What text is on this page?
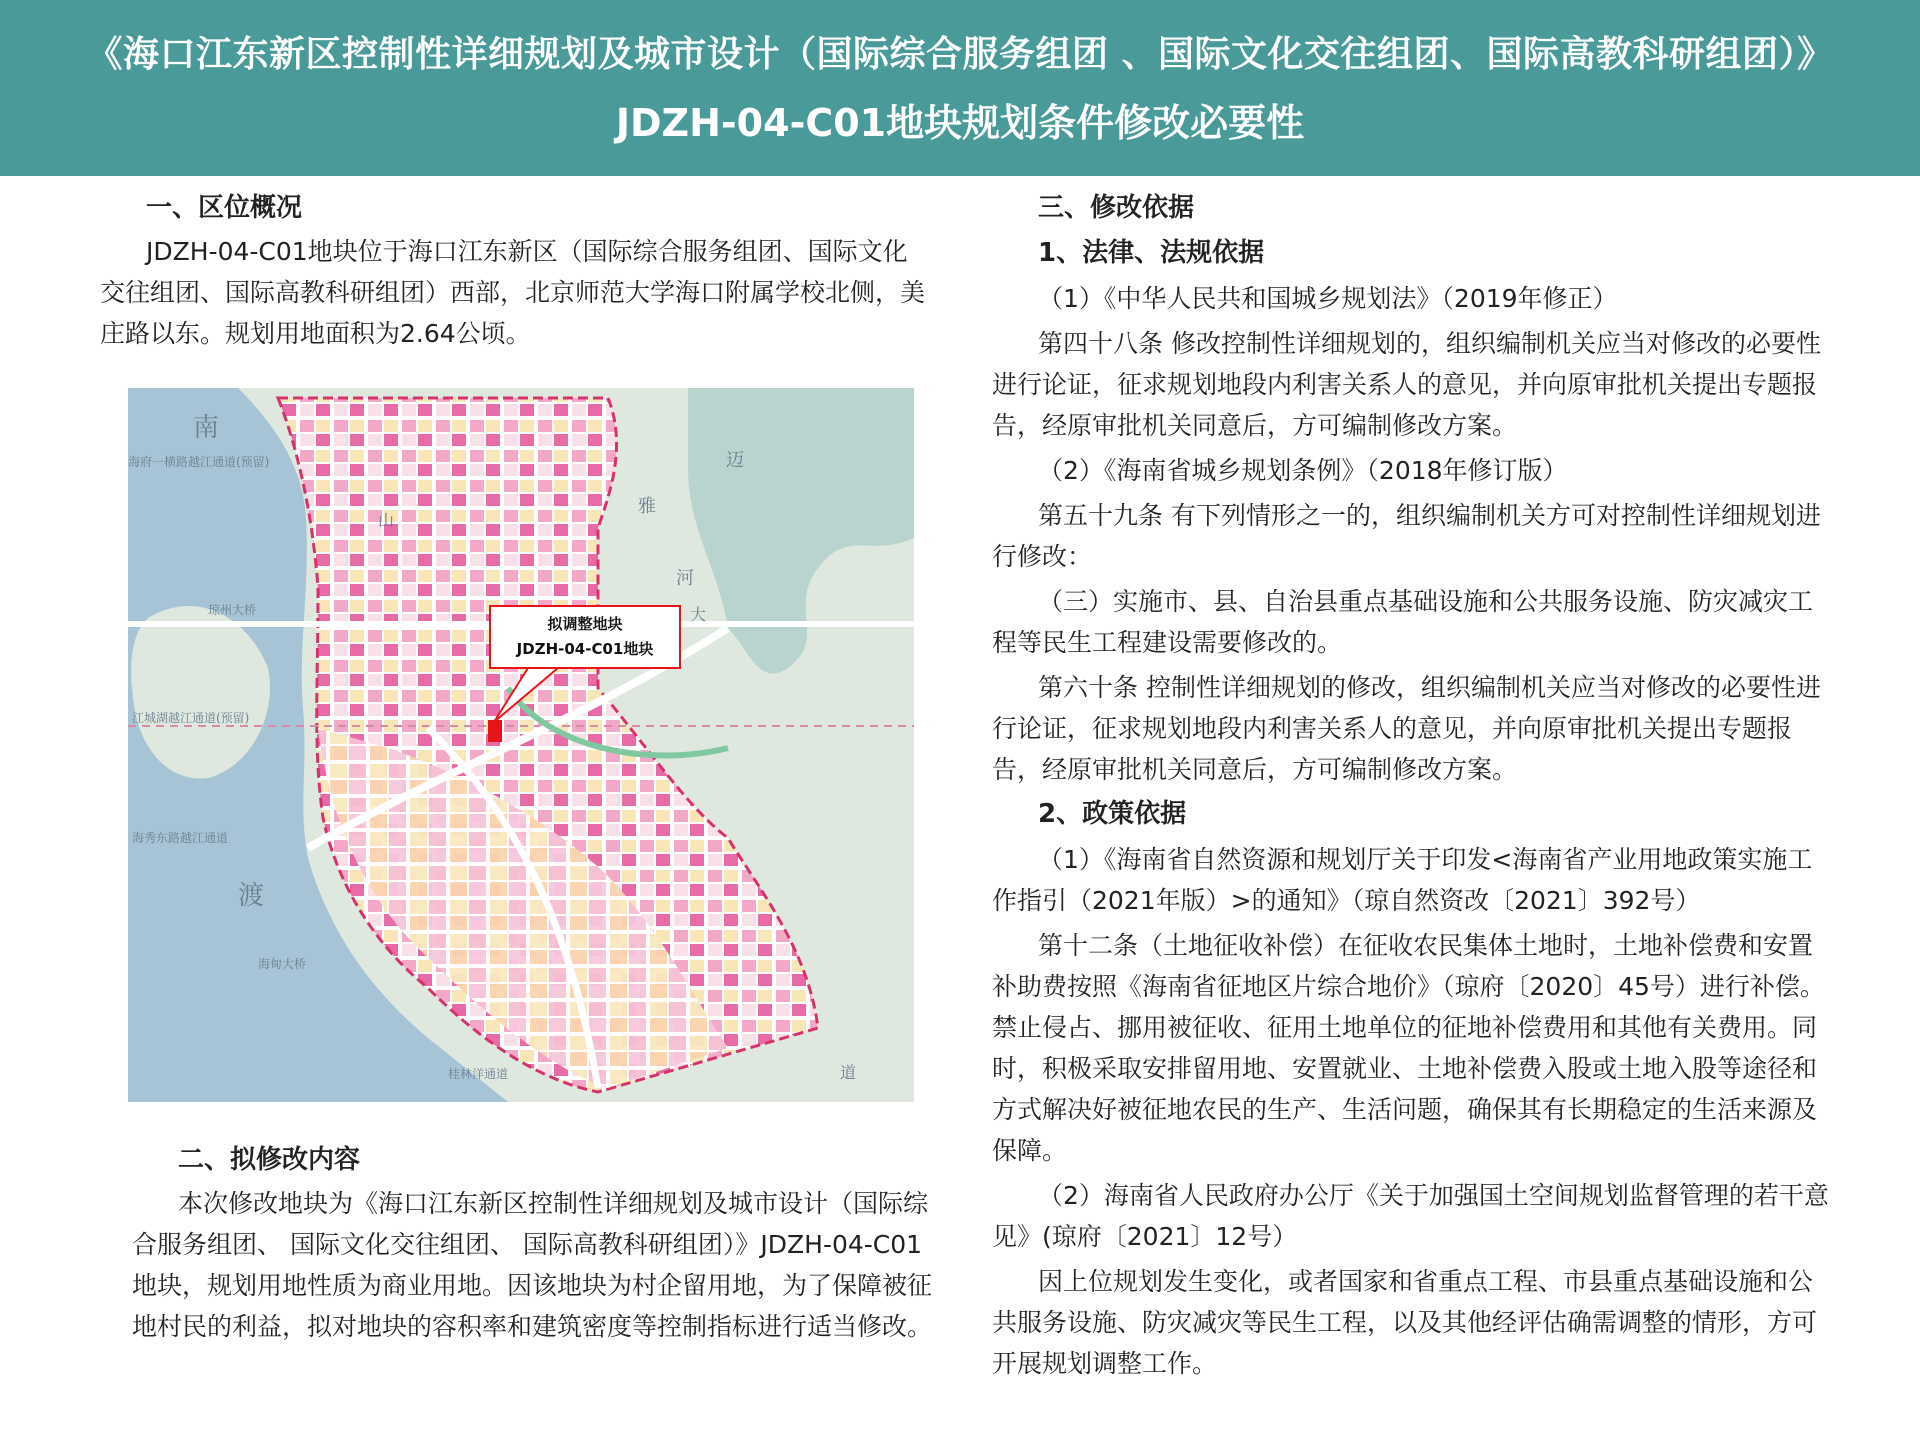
《海口江东新区控制性详细规划及城市设计（国际综合服务组团 、国际文化交往组团、国际高教科研组团）》
JDZH-04-C01地块规划条件修改必要性

一、区位概况

JDZH-04-C01地块位于海口江东新区（国际综合服务组团、国际文化交往组团、国际高教科研组团）西部，北京师范大学海口附属学校北侧，美庄路以东。规划用地面积为2.64公顷。

拟调整地块
JDZH-04-C01地块
南
渡
琼州大桥
海甸大桥
海府一横路越江通道(预留)
江城湖越江通道(预留)
海秀东路越江通道
迈
雅
河
大
道
山
桂林洋通道

二、拟修改内容

本次修改地块为《海口江东新区控制性详细规划及城市设计（国际综合服务组团、 国际文化交往组团、 国际高教科研组团）》JDZH-04-C01地块，规划用地性质为商业用地。因该地块为村企留用地，为了保障被征地村民的利益，拟对地块的容积率和建筑密度等控制指标进行适当修改。

三、修改依据

1、法律、法规依据

（1）《中华人民共和国城乡规划法》（2019年修正）

第四十八条 修改控制性详细规划的，组织编制机关应当对修改的必要性进行论证，征求规划地段内利害关系人的意见，并向原审批机关提出专题报告，经原审批机关同意后，方可编制修改方案。

（2）《海南省城乡规划条例》（2018年修订版）

第五十九条 有下列情形之一的，组织编制机关方可对控制性详细规划进行修改：

（三）实施市、县、自治县重点基础设施和公共服务设施、防灾减灾工程等民生工程建设需要修改的。

第六十条 控制性详细规划的修改，组织编制机关应当对修改的必要性进行论证，征求规划地段内利害关系人的意见，并向原审批机关提出专题报告，经原审批机关同意后，方可编制修改方案。

2、政策依据

（1）《海南省自然资源和规划厅关于印发<海南省产业用地政策实施工作指引（2021年版）>的通知》（琼自然资改〔2021〕392号）

第十二条（土地征收补偿）在征收农民集体土地时，土地补偿费和安置补助费按照《海南省征地区片综合地价》（琼府〔2020〕45号）进行补偿。禁止侵占、挪用被征收、征用土地单位的征地补偿费用和其他有关费用。同时，积极采取安排留用地、安置就业、土地补偿费入股或土地入股等途径和方式解决好被征地农民的生产、生活问题，确保其有长期稳定的生活来源及保障。

（2）海南省人民政府办公厅《关于加强国土空间规划监督管理的若干意见》(琼府〔2021〕12号）

因上位规划发生变化，或者国家和省重点工程、市县重点基础设施和公共服务设施、防灾减灾等民生工程，以及其他经评估确需调整的情形，方可开展规划调整工作。
